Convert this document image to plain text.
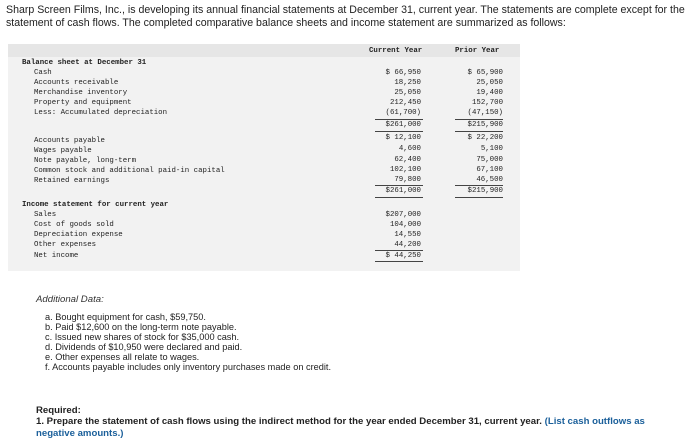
Sharp Screen Films, Inc., is developing its annual financial statements at December 31, current year. The statements are complete except for the statement of cash flows. The completed comparative balance sheets and income statement are summarized as follows:
Current Year	Prior Year
Balance sheet at December 31
Cash	$ 66,950	$ 65,900
Accounts receivable	18,250	25,050
Merchandise inventory	25,050	19,400
Property and equipment	212,450	152,700
Less: Accumulated depreciation	(61,700)	(47,150)
$261,000	$215,900
Accounts payable	$ 12,100	$ 22,200
Wages payable	4,600	5,100
Note payable, long-term	62,400	75,000
Common stock and additional paid-in capital	102,100	67,100
Retained earnings	79,800	46,500
$261,000	$215,900
Income statement for current year
Sales	$207,000
Cost of goods sold	104,000
Depreciation expense	14,550
Other expenses	44,200
Net income	$ 44,250
Additional Data:
a. Bought equipment for cash, $59,750.
b. Paid $12,600 on the long-term note payable.
c. Issued new shares of stock for $35,000 cash.
d. Dividends of $10,950 were declared and paid.
e. Other expenses all relate to wages.
f. Accounts payable includes only inventory purchases made on credit.
Required:
1. Prepare the statement of cash flows using the indirect method for the year ended December 31, current year. (List cash outflows as negative amounts.)
